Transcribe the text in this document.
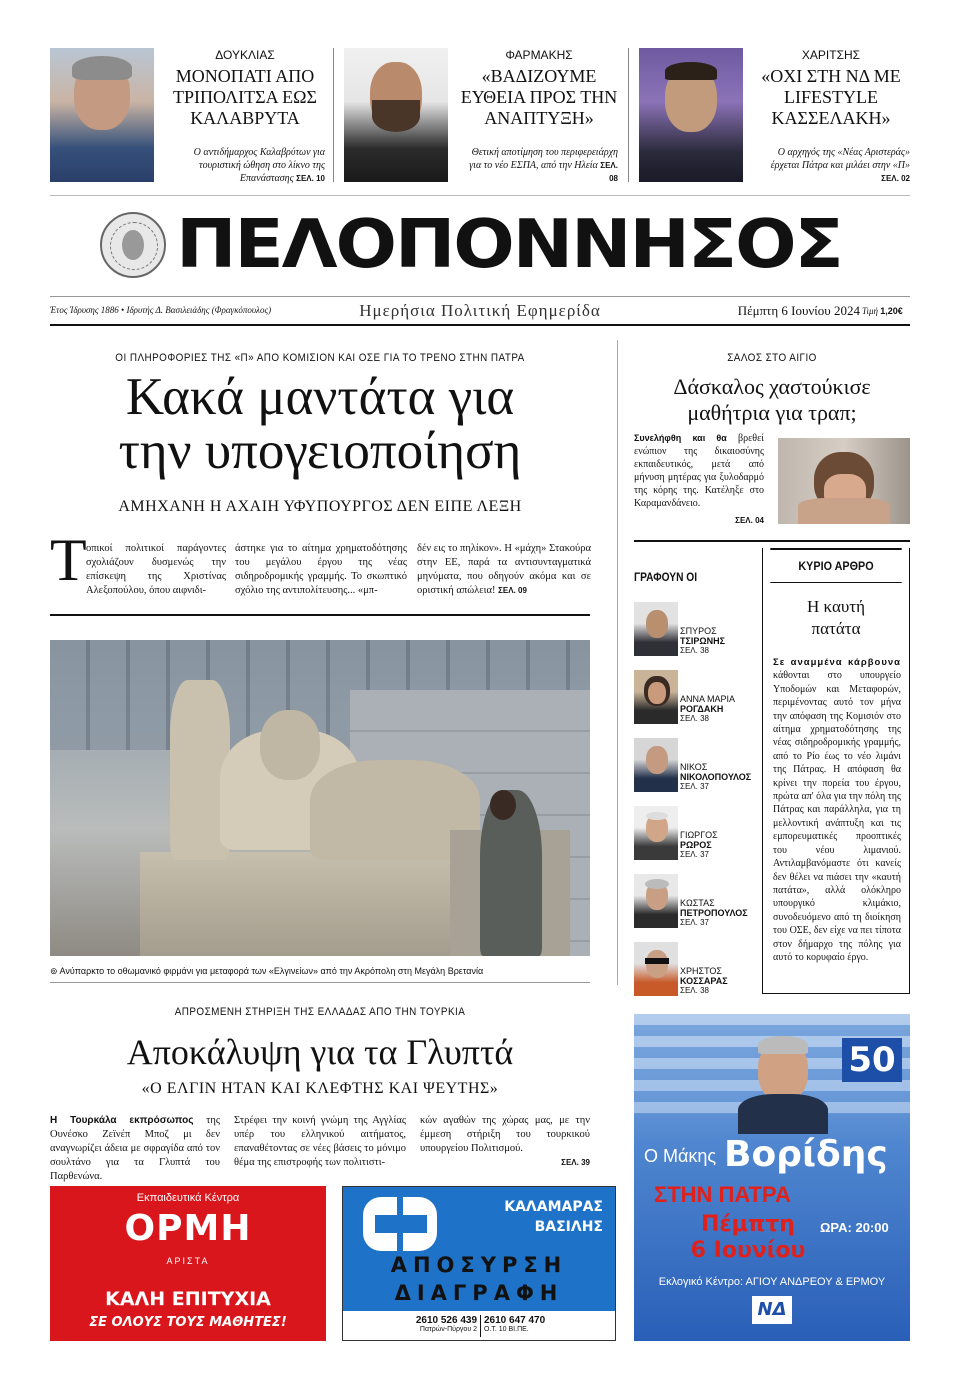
ΔΟΥΚΛΙΑΣ
ΜΟΝΟΠΑΤΙ ΑΠΟ ΤΡΙΠΟΛΙΤΣΑ ΕΩΣ ΚΑΛΑΒΡΥΤΑ
Ο αντιδήμαρχος Καλαβρύτων για τουριστική ώθηση στο λίκνο της Επανάστασης ΣΕΛ. 10
ΦΑΡΜΑΚΗΣ
«ΒΑΔΙΖΟΥΜΕ ΕΥΘΕΙΑ ΠΡΟΣ ΤΗΝ ΑΝΑΠΤΥΞΗ»
Θετική αποτίμηση του περιφερειάρχη για το νέο ΕΣΠΑ, από την Ηλεία ΣΕΛ. 08
ΧΑΡΙΤΣΗΣ
«ΟΧΙ ΣΤΗ ΝΔ ΜΕ LIFESTYLE ΚΑΣΣΕΛΑΚΗ»
Ο αρχηγός της «Νέας Αριστεράς» έρχεται Πάτρα και μιλάει στην «Π» ΣΕΛ. 02
ΠΕΛΟΠΟΝΝΗΣΟΣ
Έτος Ίδρυσης 1886 • Ιδρυτής Δ. Βασιλειάδης (Φραγκόπουλος)	Ημερήσια Πολιτική Εφημερίδα	Πέμπτη 6 Ιουνίου 2024 Τιμή 1,20€
ΟΙ ΠΛΗΡΟΦΟΡΙΕΣ ΤΗΣ «Π» ΑΠΟ ΚΟΜΙΣΙΟΝ ΚΑΙ ΟΣΕ ΓΙΑ ΤΟ ΤΡΕΝΟ ΣΤΗΝ ΠΑΤΡΑ
Κακά μαντάτα για
την υπογειοποίηση
ΑΜΗΧΑΝΗ Η ΑΧΑΙΗ ΥΦΥΠΟΥΡΓΟΣ ΔΕΝ ΕΙΠΕ ΛΕΞΗ
Τ οπικοί πολιτικοί παράγοντες σχολιάζουν δυσμενώς την επίσκεψη της Χριστίνας Αλεξοπούλου, όπου αιφνιδι-
άστηκε για το αίτημα χρηματοδότησης του μεγάλου έργου της νέας σιδηροδρομικής γραμμής. Το σκωπτικό σχόλιο της αντιπολίτευσης... «μπ-
δέν εις το πηλίκον». Η «μάχη» Στακούρα στην ΕΕ, παρά τα αντισυνταγματικά μηνύματα, που οδηγούν ακόμα και σε οριστική απώλεια! ΣΕΛ. 09
⊚ Ανύπαρκτο το οθωμανικό φιρμάνι για μεταφορά των «Ελγινείων» από την Ακρόπολη στη Μεγάλη Βρετανία
ΑΠΡΟΣΜΕΝΗ ΣΤΗΡΙΞΗ ΤΗΣ ΕΛΛΑΔΑΣ ΑΠΟ ΤΗΝ ΤΟΥΡΚΙΑ
Αποκάλυψη για τα Γλυπτά
«Ο ΕΛΓΙΝ ΗΤΑΝ ΚΑΙ ΚΛΕΦΤΗΣ ΚΑΙ ΨΕΥΤΗΣ»
Η Τουρκάλα εκπρόσωπος της Ουνέσκο Ζεϊνέπ Μποζ μι δεν αναγνωρίζει άδεια με σφραγίδα από τον σουλτάνο για τα Γλυπτά του Παρθενώνα.
Στρέφει την κοινή γνώμη της Αγγλίας υπέρ του ελληνικού αιτήματος, επαναθέτοντας σε νέες βάσεις το μόνιμο θέμα της επιστροφής των πολιτιστι-
κών αγαθών της χώρας μας, με την έμμεση στήριξη του τουρκικού υπουργείου Πολιτισμού.
ΣΕΛ. 39
Εκπαιδευτικά Κέντρα
ΟΡΜΗ
ΑΡΙΣΤΑ
ΚΑΛΗ ΕΠΙΤΥΧΙΑ
ΣΕ ΟΛΟΥΣ ΤΟΥΣ ΜΑΘΗΤΕΣ!
ΚΑΛΑΜΑΡΑΣ
ΒΑΣΙΛΗΣ
ΑΠΟΣΥΡΣΗ
ΔΙΑΓΡΑΦΗ
2610 526 439
Πατρών-Πύργου 2
2610 647 470
Ο.Τ. 10 ΒΙ.ΠΕ.
ΣΑΛΟΣ ΣΤΟ ΑΙΓΙΟ
Δάσκαλος χαστούκισε
μαθήτρια για τραπ;
Συνελήφθη και θα βρεθεί ενώπιον της δικαιοσύνης εκπαιδευτικός, μετά από μήνυση μητέρας για ξυλοδαρμό της κόρης της. Κατέληξε στο Καραμανδάνειο.
ΣΕΛ. 04
ΓΡΑΦΟΥΝ ΟΙ
ΣΠΥΡΟΣ
ΤΣΙΡΩΝΗΣ
ΣΕΛ. 38
ΑΝΝΑ ΜΑΡΙΑ
ΡΟΓΔΑΚΗ
ΣΕΛ. 38
ΝΙΚΟΣ
ΝΙΚΟΛΟΠΟΥΛΟΣ
ΣΕΛ. 37
ΓΙΩΡΓΟΣ
ΡΩΡΟΣ
ΣΕΛ. 37
ΚΩΣΤΑΣ
ΠΕΤΡΟΠΟΥΛΟΣ
ΣΕΛ. 37
ΧΡΗΣΤΟΣ
ΚΟΣΣΑΡΑΣ
ΣΕΛ. 38
ΚΥΡΙΟ ΑΡΘΡΟ
Η καυτή
πατάτα
Σε αναμμένα κάρβουνα κάθονται στο υπουργείο Υποδομών και Μεταφορών, περιμένοντας αυτό τον μήνα την απόφαση της Κομισιόν στο αίτημα χρηματοδότησης της νέας σιδηροδρομικής γραμμής, από το Ρίο έως το νέο λιμάνι της Πάτρας. Η απόφαση θα κρίνει την πορεία του έργου, πρώτα απ' όλα για την πόλη της Πάτρας και παράλληλα, για τη μελλοντική ανάπτυξη και τις εμπορευματικές προοπτικές του νέου λιμανιού. Αντιλαμβανόμαστε ότι κανείς δεν θέλει να πιάσει την «καυτή πατάτα», αλλά ολόκληρο υπουργικό κλιμάκιο, συνοδευόμενο από τη διοίκηση του ΟΣΕ, δεν είχε να πει τίποτα στον δήμαρχο της πόλης για αυτό το κορυφαίο έργο.
50
Ο Μάκης Βορίδης
ΣΤΗΝ ΠΑΤΡΑ
ΩΡΑ: 20:00
Πέμπτη
6 Ιουνίου
Εκλογικό Κέντρο: ΑΓΙΟΥ ΑΝΔΡΕΟΥ & ΕΡΜΟΥ
ΝΔ
